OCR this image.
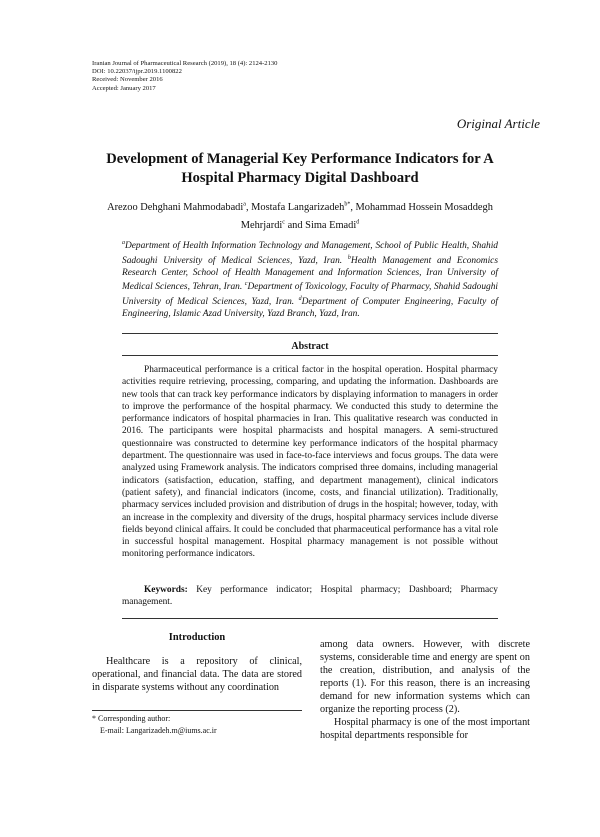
Iranian Journal of Pharmaceutical Research (2019), 18 (4): 2124-2130
DOI: 10.22037/ijpr.2019.1100822
Received: November 2016
Accepted: January 2017
Original Article
Development of Managerial Key Performance Indicators for A Hospital Pharmacy Digital Dashboard
Arezoo Dehghani Mahmodabadi$^a$, Mostafa Langarizadeh$^{b*}$, Mohammad Hossein Mosaddegh Mehrjardi$^c$ and Sima Emadi$^d$
$^a$Department of Health Information Technology and Management, School of Public Health, Shahid Sadoughi University of Medical Sciences, Yazd, Iran. $^b$Health Management and Economics Research Center, School of Health Management and Information Sciences, Iran University of Medical Sciences, Tehran, Iran. $^c$Department of Toxicology, Faculty of Pharmacy, Shahid Sadoughi University of Medical Sciences, Yazd, Iran. $^d$Department of Computer Engineering, Faculty of Engineering, Islamic Azad University, Yazd Branch, Yazd, Iran.
Abstract
Pharmaceutical performance is a critical factor in the hospital operation. Hospital pharmacy activities require retrieving, processing, comparing, and updating the information. Dashboards are new tools that can track key performance indicators by displaying information to managers in order to improve the performance of the hospital pharmacy. We conducted this study to determine the performance indicators of hospital pharmacies in Iran. This qualitative research was conducted in 2016. The participants were hospital pharmacists and hospital managers. A semi-structured questionnaire was constructed to determine key performance indicators of the hospital pharmacy department. The questionnaire was used in face-to-face interviews and focus groups. The data were analyzed using Framework analysis. The indicators comprised three domains, including managerial indicators (satisfaction, education, staffing, and department management), clinical indicators (patient safety), and financial indicators (income, costs, and financial utilization). Traditionally, pharmacy services included provision and distribution of drugs in the hospital; however, today, with an increase in the complexity and diversity of the drugs, hospital pharmacy services include diverse fields beyond clinical affairs. It could be concluded that pharmaceutical performance has a vital role in successful hospital management. Hospital pharmacy management is not possible without monitoring performance indicators.
Keywords: Key performance indicator; Hospital pharmacy; Dashboard; Pharmacy management.
Introduction

Healthcare is a repository of clinical, operational, and financial data. The data are stored in disparate systems without any coordination

among data owners. However, with discrete systems, considerable time and energy are spent on the creation, distribution, and analysis of the reports (1). For this reason, there is an increasing demand for new information systems which can organize the reporting process (2).

Hospital pharmacy is one of the most important hospital departments responsible for

* Corresponding author:
E-mail: Langarizadeh.m@iums.ac.ir
